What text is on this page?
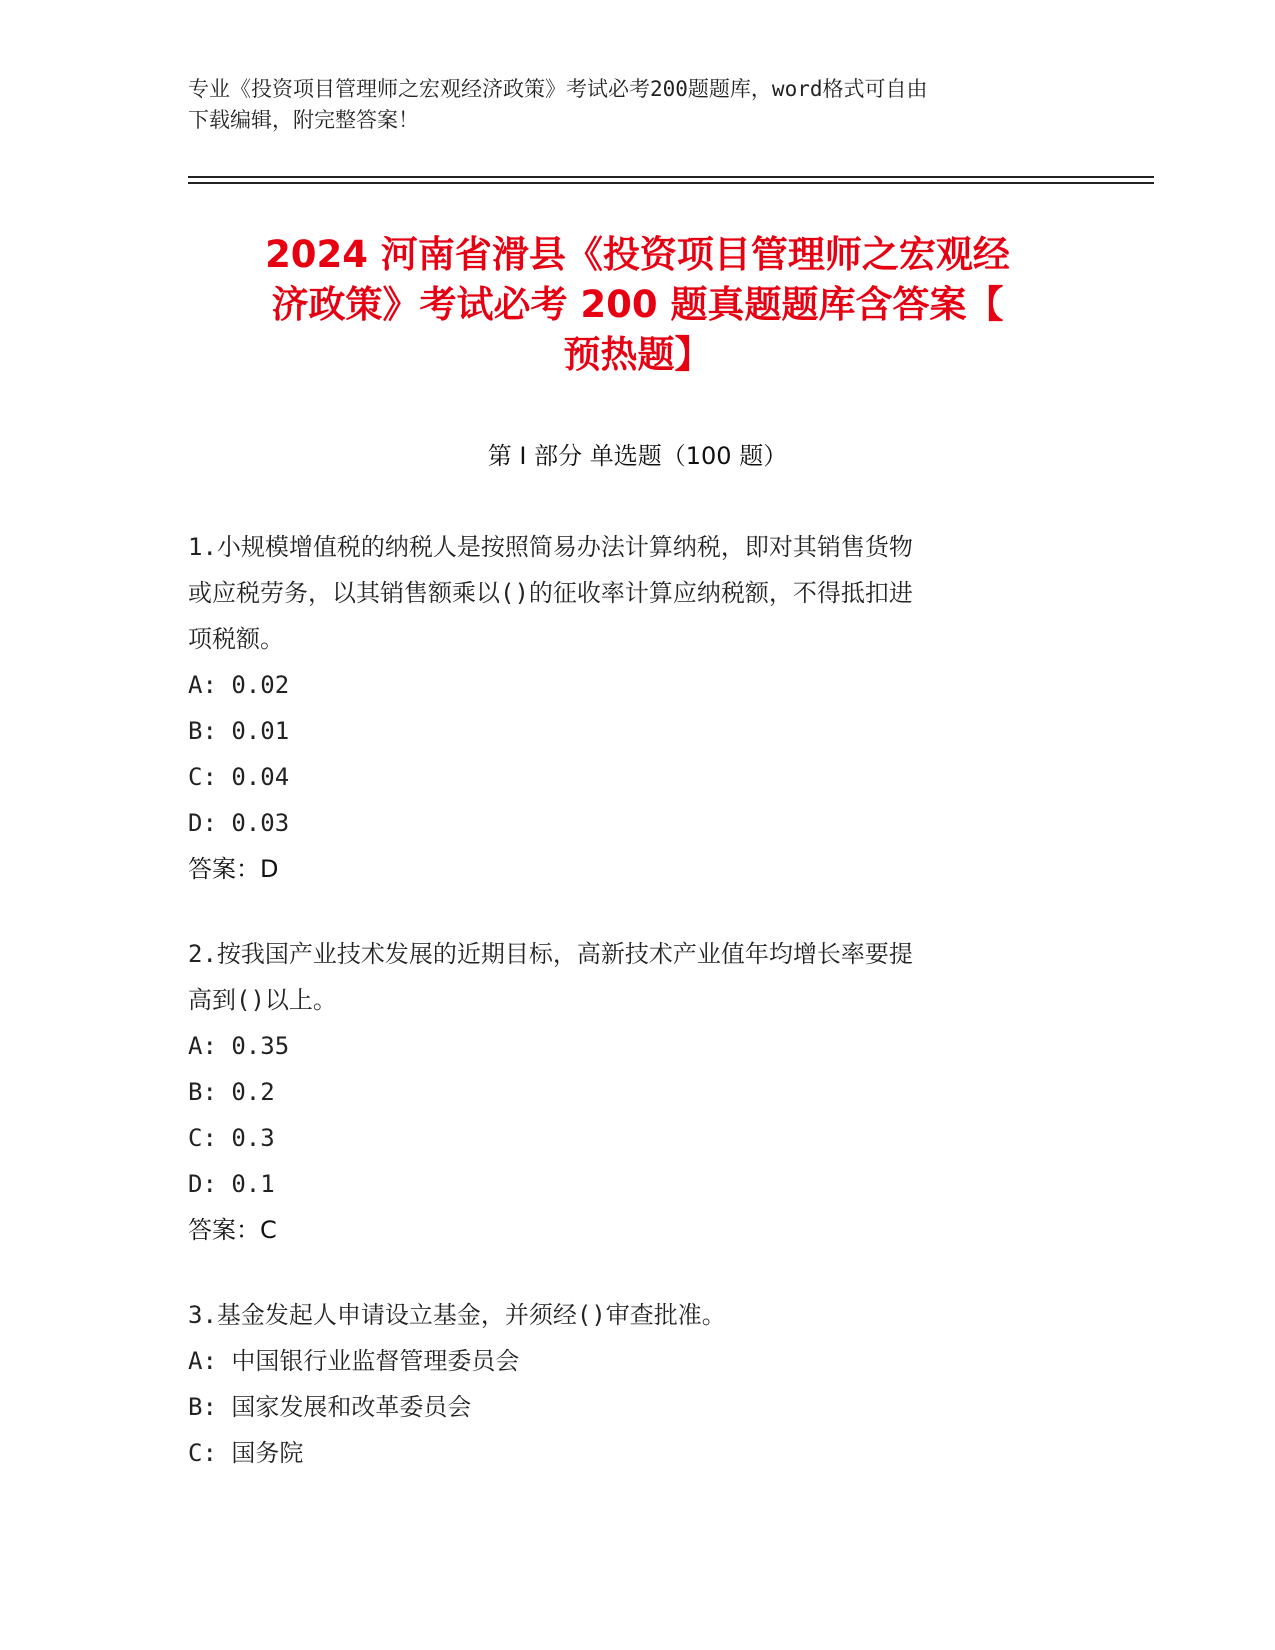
专业《投资项目管理师之宏观经济政策》考试必考200题题库，word格式可自由
下载编辑，附完整答案！
2024 河南省滑县《投资项目管理师之宏观经
济政策》考试必考 200 题真题题库含答案【
预热题】
第 I 部分 单选题（100 题）
1.小规模增值税的纳税人是按照简易办法计算纳税，即对其销售货物
或应税劳务，以其销售额乘以()的征收率计算应纳税额，不得抵扣进
项税额。
A: 0.02
B: 0.01
C: 0.04
D: 0.03
答案：D
2.按我国产业技术发展的近期目标，高新技术产业值年均增长率要提
高到()以上。
A: 0.35
B: 0.2
C: 0.3
D: 0.1
答案：C
3.基金发起人申请设立基金，并须经()审查批准。
A: 中国银行业监督管理委员会
B: 国家发展和改革委员会
C: 国务院
